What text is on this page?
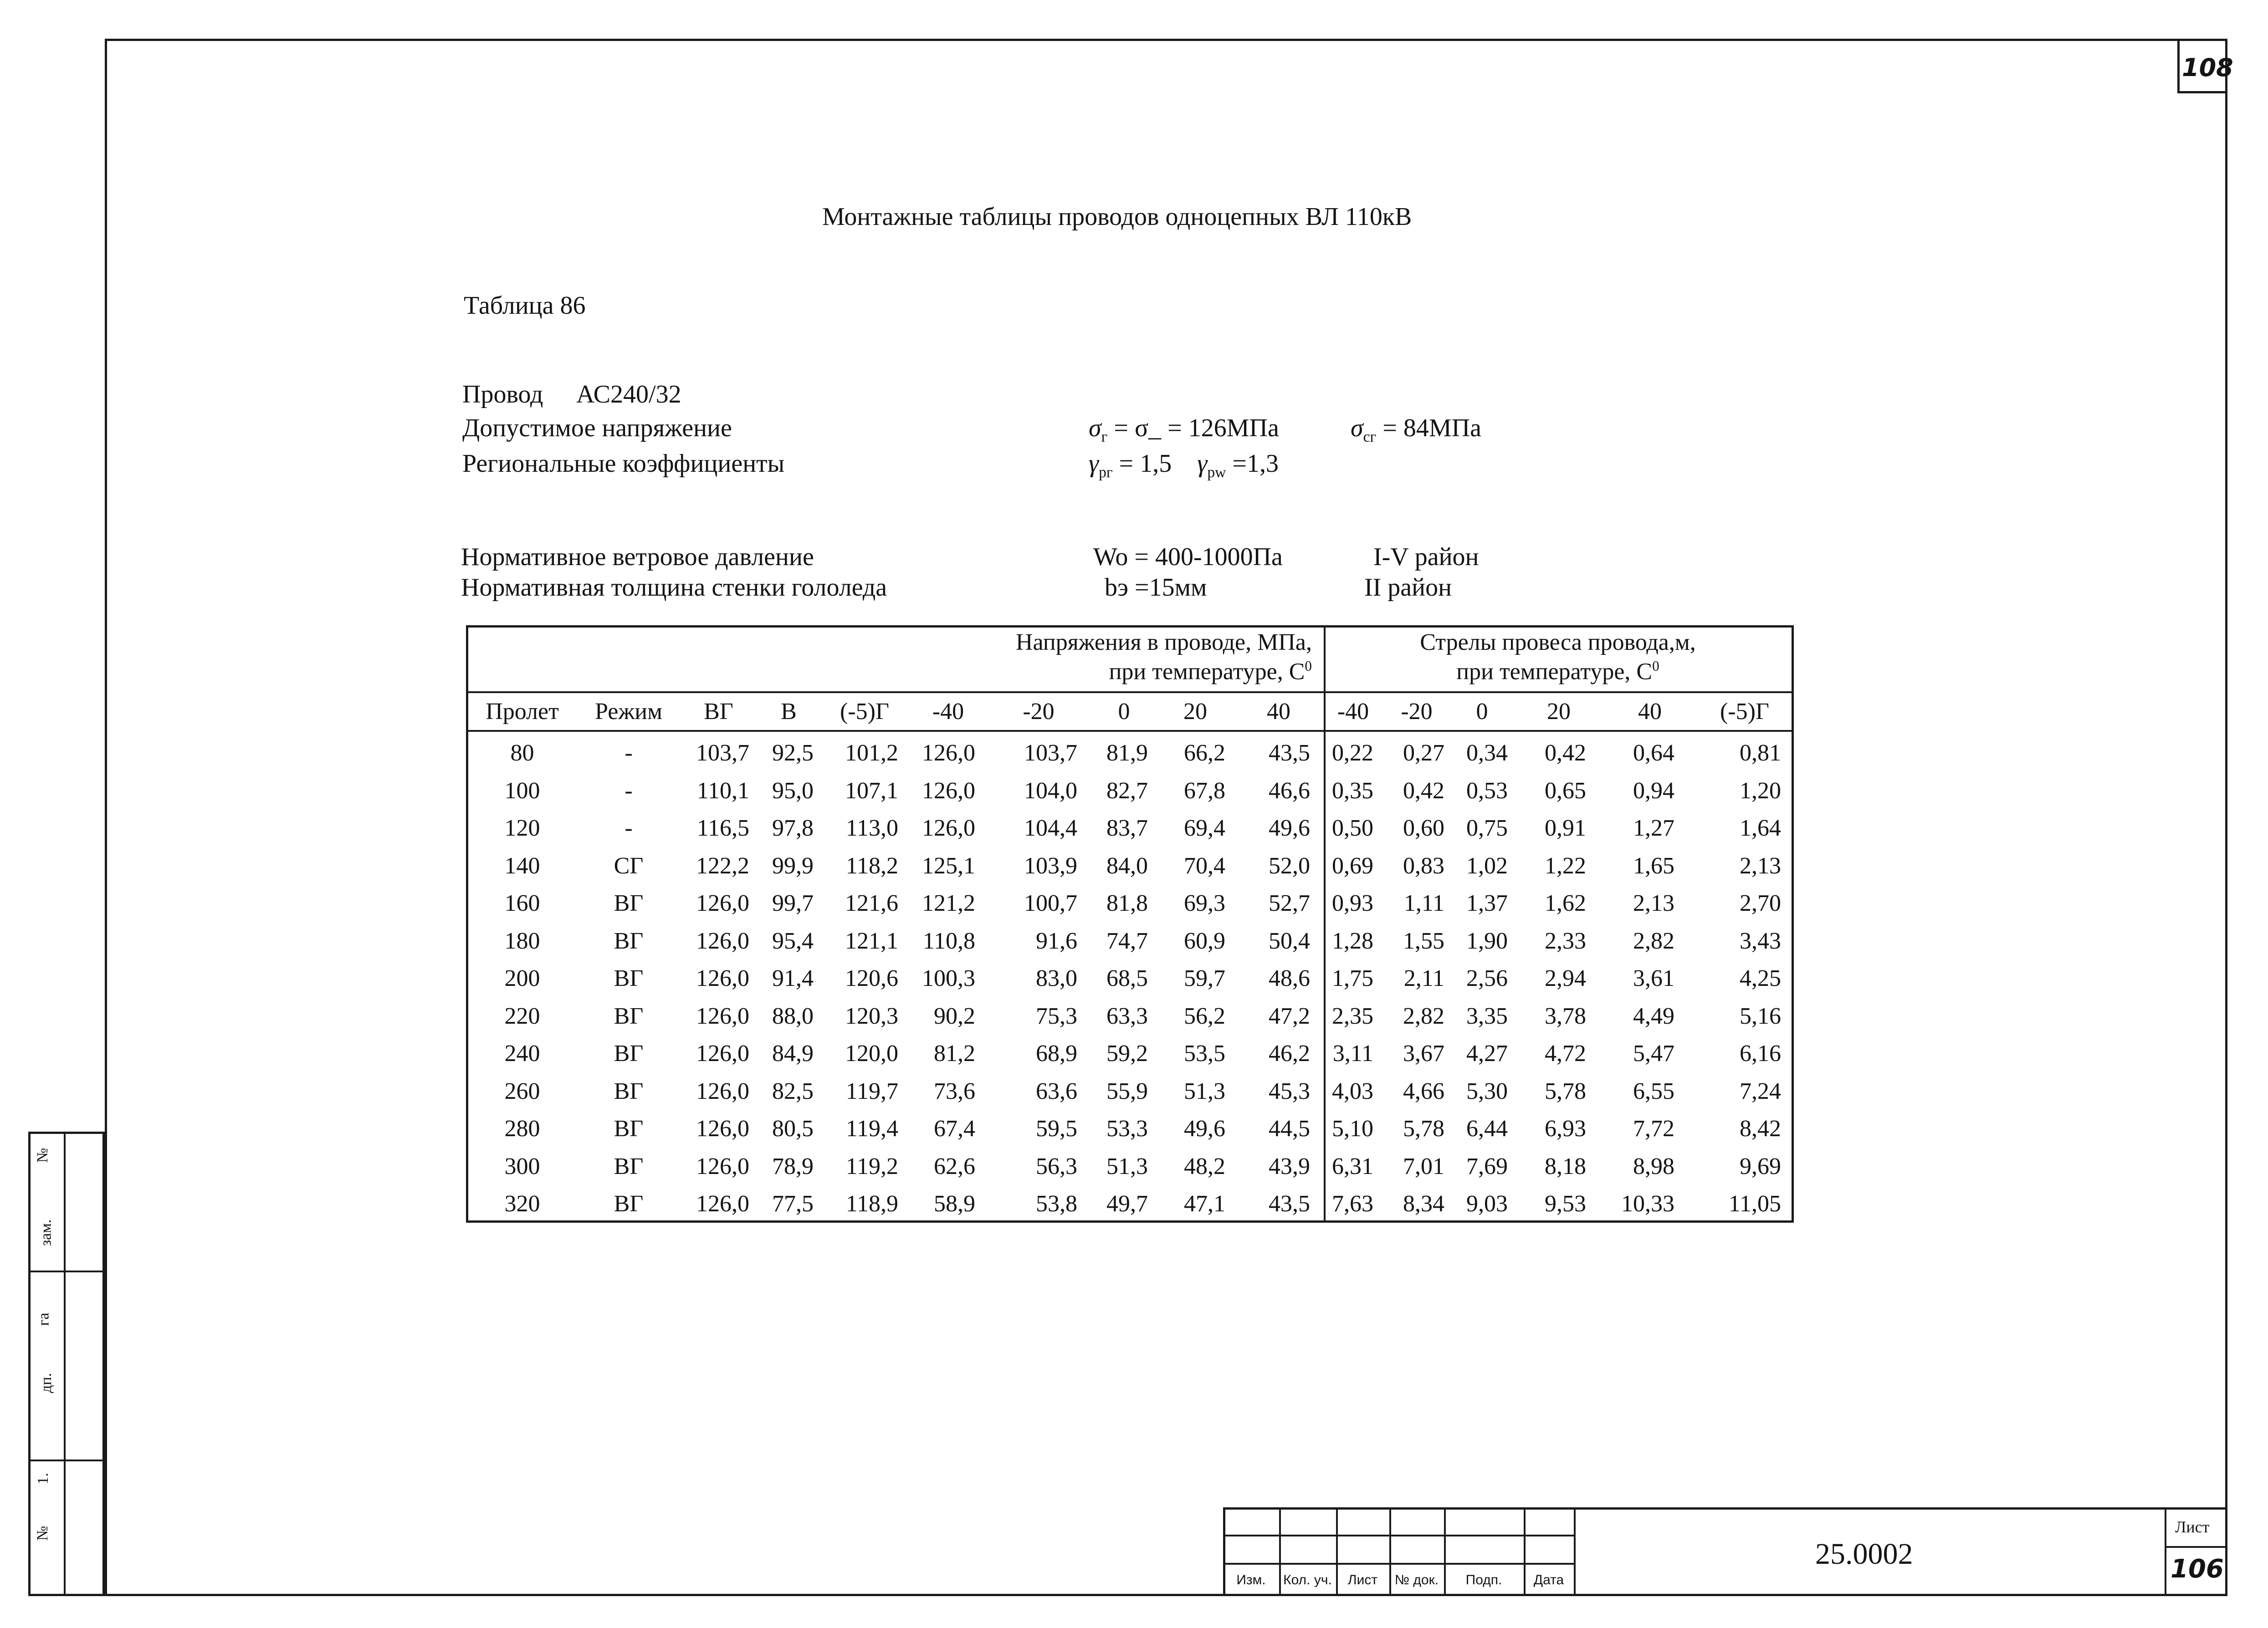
108
Монтажные таблицы проводов одноцепных ВЛ 110кВ
Таблица 86
Провод АС240/32
Допустимое напряжение	$\sigma_г$ = σ_ = 126МПа	$\sigma_{сг} = 84МПа$
Региональные коэффициенты	$\gamma_{рг} = 1,5$ $\gamma_{pw} =1,3$
Нормативное ветровое давление	Wo = 400-1000Па	I-V район
Нормативная толщина стенки гололеда	bэ =15мм	II район
Напряжения в проводе, МПа,
при температуре, $С^0$
Стрелы провеса провода,м,
при температуре, $С^0$
Пролет	Режим	ВГ	В	(-5)Г	-40	-20	0	20	40	-40	-20	0	20	40	(-5)Г
80	-	103,7 92,5	101,2	126,0	103,7	81,9	66,2	43,5 0,22	0,27 0,34	0,42	0,64	0,81
100	-	110,1 95,0	107,1	126,0	104,0	82,7	67,8	46,6 0,35	0,42 0,53	0,65	0,94	1,20
120	-	116,5 97,8	113,0	126,0	104,4	83,7	69,4	49,6 0,50	0,60 0,75	0,91	1,27	1,64
140	СГ	122,2 99,9	118,2	125,1	103,9	84,0	70,4	52,0 0,69	0,83 1,02	1,22	1,65	2,13
160	ВГ	126,0 99,7	121,6	121,2	100,7	81,8	69,3	52,7 0,93	1,11 1,37	1,62	2,13	2,70
180	ВГ	126,0 95,4	121,1	110,8	91,6	74,7	60,9	50,4 1,28	1,55 1,90	2,33	2,82	3,43
200	ВГ	126,0 91,4	120,6	100,3	83,0	68,5	59,7	48,6 1,75	2,11 2,56	2,94	3,61	4,25
220	ВГ	126,0 88,0	120,3	90,2	75,3	63,3	56,2	47,2 2,35	2,82 3,35	3,78	4,49	5,16
240	ВГ	126,0 84,9	120,0	81,2	68,9	59,2	53,5	46,2 3,11	3,67 4,27	4,72	5,47	6,16
260	ВГ	126,0 82,5	119,7	73,6	63,6	55,9	51,3	45,3 4,03	4,66 5,30	5,78	6,55	7,24
280	ВГ	126,0 80,5	119,4	67,4	59,5	53,3	49,6	44,5 5,10	5,78 6,44	6,93	7,72	8,42
300	ВГ	126,0 78,9	119,2	62,6	56,3	51,3	48,2	43,9 6,31	7,01 7,69	8,18	8,98	9,69
320	ВГ	126,0 77,5	118,9	58,9	53,8	49,7	47,1	43,5 7,63	8,34 9,03	9,53	10,33	11,05
№
зам.
га
дп.
1.
№
Изм.	Кол. уч.	Лист	№ док.	Подп.	Дата
25.0002
Лист
106
